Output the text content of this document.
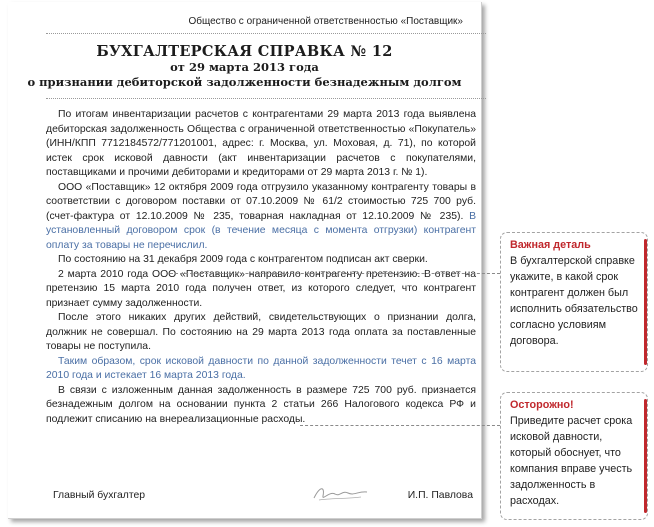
Общество с ограниченной ответственностью «Поставщик»
БУХГАЛТЕРСКАЯ СПРАВКА № 12
от 29 марта 2013 года
о признании дебиторской задолженности безнадежным долгом

По итогам инвентаризации расчетов с контрагентами 29 марта 2013 года выявлена дебиторская задолженность Общества с ограниченной ответственностью «Покупатель» (ИНН/КПП 7712184572/771201001, адрес: г. Москва, ул. Моховая, д. 71), по которой истек срок исковой давности (акт инвентаризации расчетов с покупателями, поставщиками и прочими дебиторами и кредиторами от 29 марта 2013 г. № 1).

ООО «Поставщик» 12 октября 2009 года отгрузило указанному контрагенту товары в соответствии с договором поставки от 07.10.2009 № 61/2 стоимостью 725 700 руб. (счет-фактура от 12.10.2009 № 235, товарная накладная от 12.10.2009 № 235). В установленный договором срок (в течение месяца с момента отгрузки) контрагент оплату за товары не перечислил.

По состоянию на 31 декабря 2009 года с контрагентом подписан акт сверки.

2 марта 2010 года ООО «Поставщик» направило контрагенту претензию. В ответ на претензию 15 марта 2010 года получен ответ, из которого следует, что контрагент признает сумму задолженности.

После этого никаких других действий, свидетельствующих о признании долга, должник не совершал. По состоянию на 29 марта 2013 года оплата за поставленные товары не поступила.

Таким образом, срок исковой давности по данной задолженности течет с 16 марта 2010 года и истекает 16 марта 2013 года.

В связи с изложенным данная задолженность в размере 725 700 руб. признается безнадежным долгом на основании пункта 2 статьи 266 Налогового кодекса РФ и подлежит списанию на внереализационные расходы.

Главный бухгалтер	И.П. Павлова
Важная деталь
В бухгалтерской справке укажите, в какой срок контрагент должен был исполнить обязательство согласно условиям договора.
Осторожно!
Приведите расчет срока исковой давности, который обоснует, что компания вправе учесть задолженность в расходах.
